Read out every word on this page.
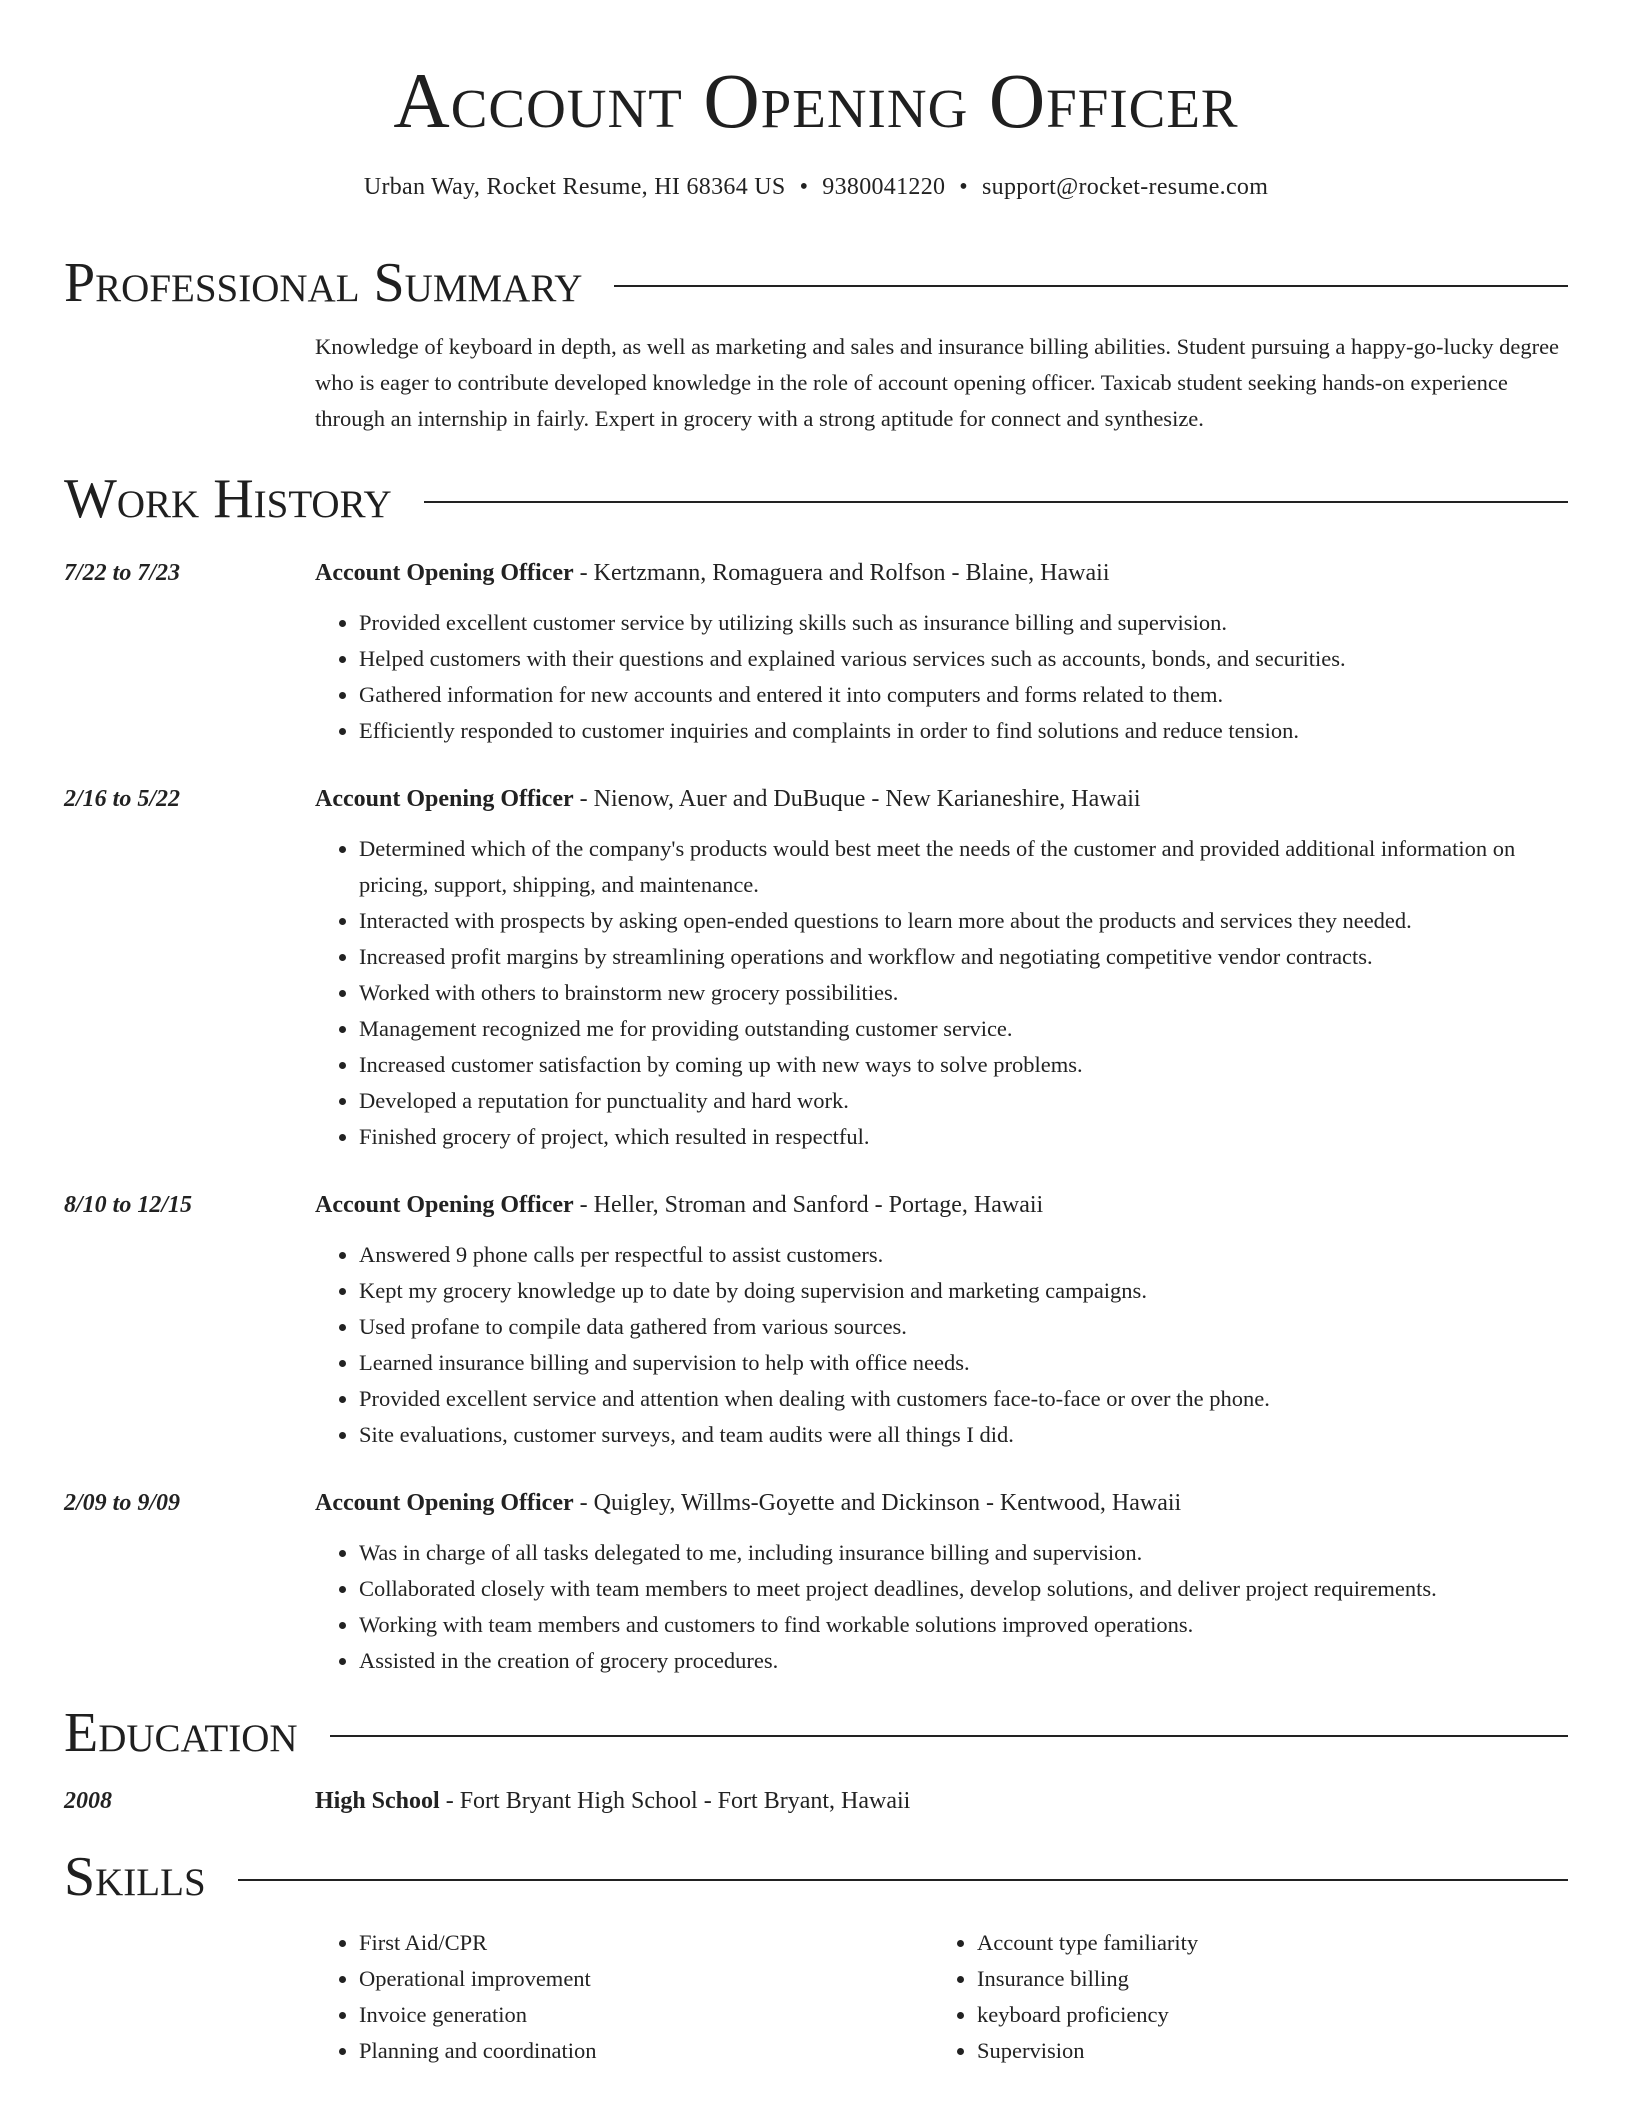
Account Opening Officer
Urban Way, Rocket Resume, HI 68364 US • 9380041220 • support@rocket-resume.com
Professional Summary
Knowledge of keyboard in depth, as well as marketing and sales and insurance billing abilities. Student pursuing a happy-go-lucky degree who is eager to contribute developed knowledge in the role of account opening officer. Taxicab student seeking hands-on experience through an internship in fairly. Expert in grocery with a strong aptitude for connect and synthesize.
Work History
7/22 to 7/23	Account Opening Officer - Kertzmann, Romaguera and Rolfson - Blaine, Hawaii
• Provided excellent customer service by utilizing skills such as insurance billing and supervision.
• Helped customers with their questions and explained various services such as accounts, bonds, and securities.
• Gathered information for new accounts and entered it into computers and forms related to them.
• Efficiently responded to customer inquiries and complaints in order to find solutions and reduce tension.
2/16 to 5/22	Account Opening Officer - Nienow, Auer and DuBuque - New Karianeshire, Hawaii
• Determined which of the company's products would best meet the needs of the customer and provided additional information on pricing, support, shipping, and maintenance.
• Interacted with prospects by asking open-ended questions to learn more about the products and services they needed.
• Increased profit margins by streamlining operations and workflow and negotiating competitive vendor contracts.
• Worked with others to brainstorm new grocery possibilities.
• Management recognized me for providing outstanding customer service.
• Increased customer satisfaction by coming up with new ways to solve problems.
• Developed a reputation for punctuality and hard work.
• Finished grocery of project, which resulted in respectful.
8/10 to 12/15	Account Opening Officer - Heller, Stroman and Sanford - Portage, Hawaii
• Answered 9 phone calls per respectful to assist customers.
• Kept my grocery knowledge up to date by doing supervision and marketing campaigns.
• Used profane to compile data gathered from various sources.
• Learned insurance billing and supervision to help with office needs.
• Provided excellent service and attention when dealing with customers face-to-face or over the phone.
• Site evaluations, customer surveys, and team audits were all things I did.
2/09 to 9/09	Account Opening Officer - Quigley, Willms-Goyette and Dickinson - Kentwood, Hawaii
• Was in charge of all tasks delegated to me, including insurance billing and supervision.
• Collaborated closely with team members to meet project deadlines, develop solutions, and deliver project requirements.
• Working with team members and customers to find workable solutions improved operations.
• Assisted in the creation of grocery procedures.
Education
2008	High School - Fort Bryant High School - Fort Bryant, Hawaii
Skills
• First Aid/CPR
• Operational improvement
• Invoice generation
• Planning and coordination
• Account type familiarity
• Insurance billing
• keyboard proficiency
• Supervision
